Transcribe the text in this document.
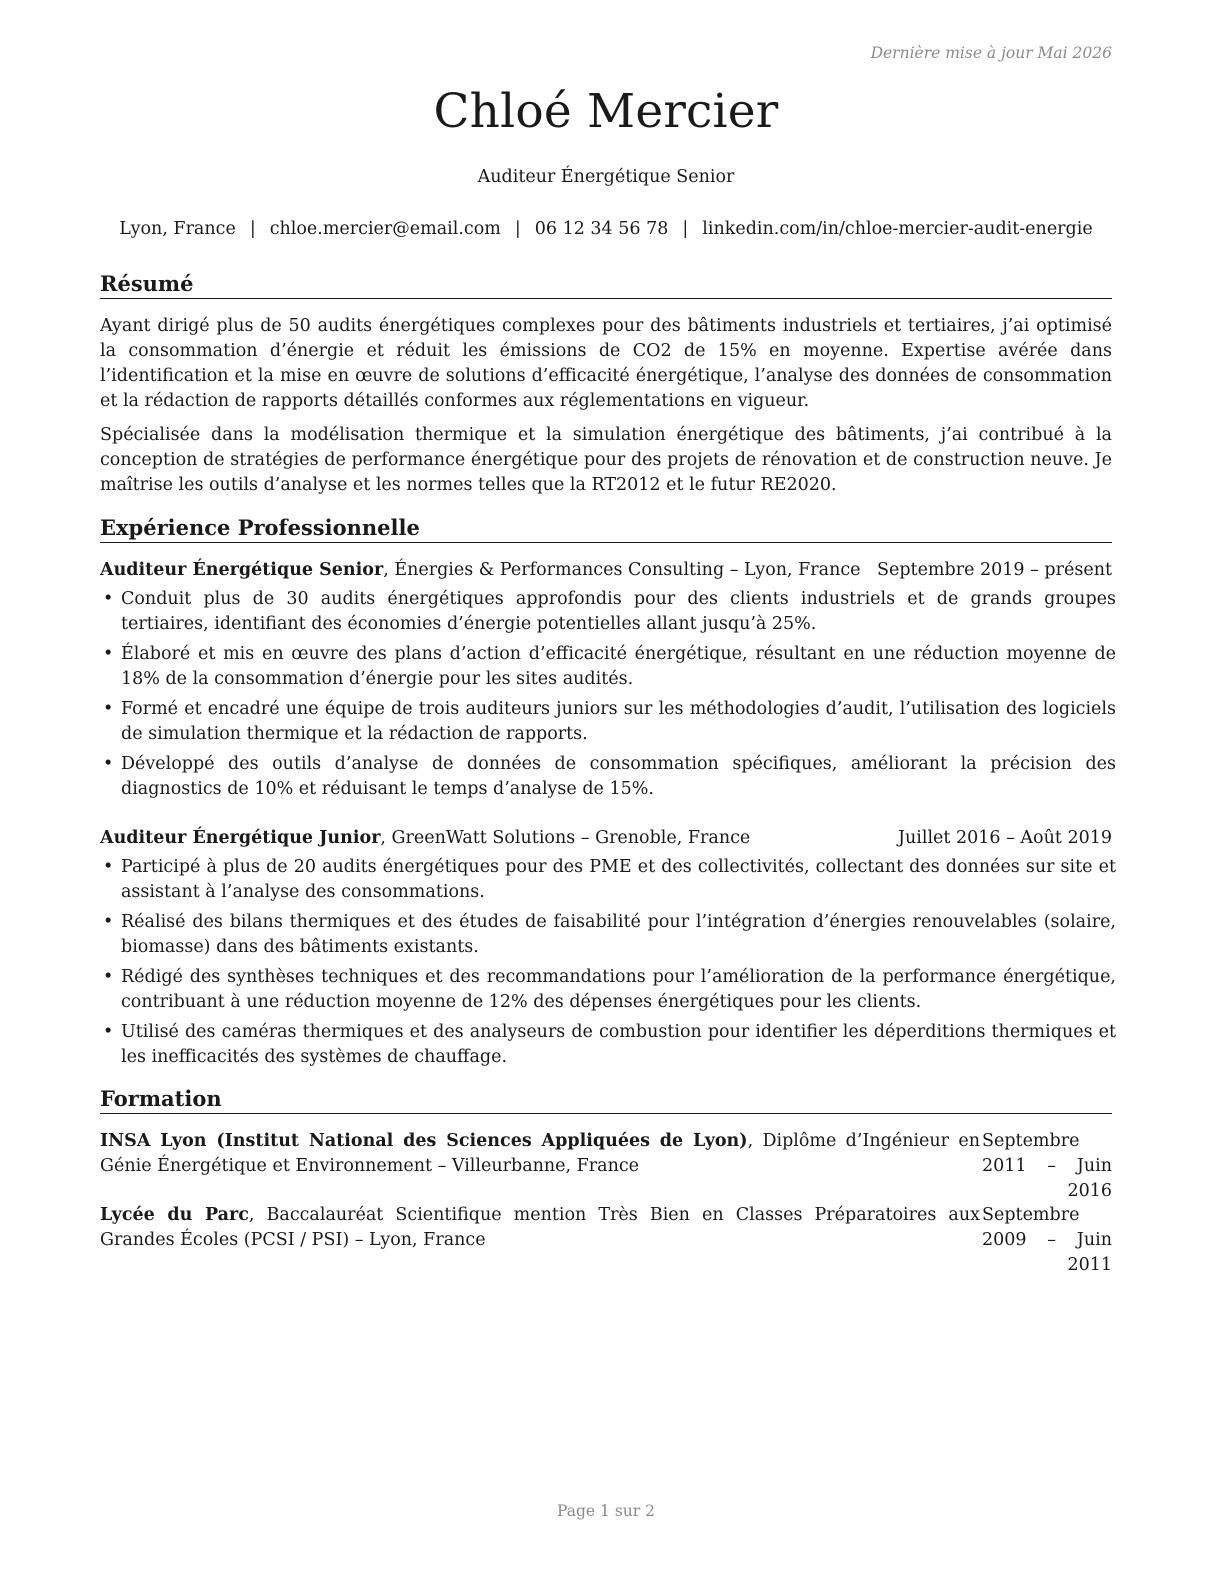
Dernière mise à jour Mai 2026
Chloé Mercier
Auditeur Énergétique Senior
Lyon, France | chloe.mercier@email.com | 06 12 34 56 78 | linkedin.com/in/chloe-mercier-audit-energie
Résumé
Ayant dirigé plus de 50 audits énergétiques complexes pour des bâtiments industriels et tertiaires, j’ai optimisé la consommation d’énergie et réduit les émissions de CO2 de 15% en moyenne. Expertise avérée dans l’identification et la mise en œuvre de solutions d’efficacité énergétique, l’analyse des données de consommation et la rédaction de rapports détaillés conformes aux réglementations en vigueur.
Spécialisée dans la modélisation thermique et la simulation énergétique des bâtiments, j’ai contribué à la conception de stratégies de performance énergétique pour des projets de rénovation et de construction neuve. Je maîtrise les outils d’analyse et les normes telles que la RT2012 et le futur RE2020.
Expérience Professionnelle
Auditeur Énergétique Senior, Énergies & Performances Consulting – Lyon, France Septembre 2019 – présent
• Conduit plus de 30 audits énergétiques approfondis pour des clients industriels et de grands groupes tertiaires, identifiant des économies d’énergie potentielles allant jusqu’à 25%.
• Élaboré et mis en œuvre des plans d’action d’efficacité énergétique, résultant en une réduction moyenne de 18% de la consommation d’énergie pour les sites audités.
• Formé et encadré une équipe de trois auditeurs juniors sur les méthodologies d’audit, l’utilisation des logiciels de simulation thermique et la rédaction de rapports.
• Développé des outils d’analyse de données de consommation spécifiques, améliorant la précision des diagnostics de 10% et réduisant le temps d’analyse de 15%.
Auditeur Énergétique Junior, GreenWatt Solutions – Grenoble, France	Juillet 2016 – Août 2019
• Participé à plus de 20 audits énergétiques pour des PME et des collectivités, collectant des données sur site et assistant à l’analyse des consommations.
• Réalisé des bilans thermiques et des études de faisabilité pour l’intégration d’énergies renouvelables (solaire, biomasse) dans des bâtiments existants.
• Rédigé des synthèses techniques et des recommandations pour l’amélioration de la performance énergétique, contribuant à une réduction moyenne de 12% des dépenses énergétiques pour les clients.
• Utilisé des caméras thermiques et des analyseurs de combustion pour identifier les déperditions thermiques et les inefficacités des systèmes de chauffage.
Formation
INSA Lyon (Institut National des Sciences Appliquées de Lyon), Diplôme d’Ingénieur en Génie Énergétique et Environnement – Villeurbanne, France
Septembre 2011 – Juin 2016
Lycée du Parc, Baccalauréat Scientifique mention Très Bien en Classes Préparatoires aux Grandes Écoles (PCSI / PSI) – Lyon, France
Septembre 2009 – Juin 2011
Page 1 sur 2
